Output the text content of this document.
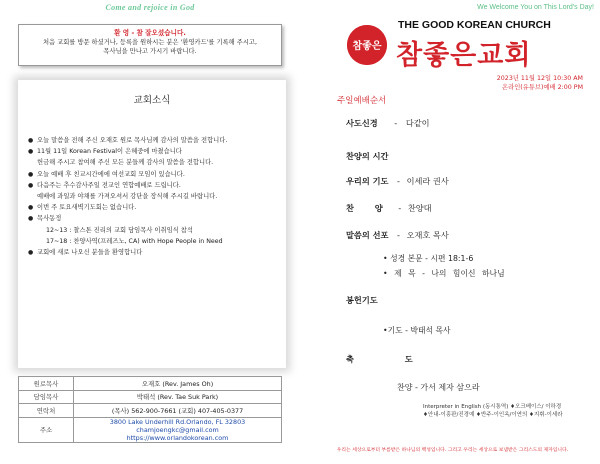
Come and rejoice in God
환 영 - 참 잘오셨습니다.
처음 교회를 방문 하셨거나, 등록을 원하시는 분은 '환영카드'를 기록해 주시고,
목사님을 만나고 가시기 바랍니다.
교회소식
● 오늘 말씀을 전해 주신 오재호 원로 목사님께 감사의 말씀을 전합니다.
● 11월 11일 Korean Festival이 은혜중에 마쳤습니다
헌금해 주시고 참여해 주신 모든 분들께 감사의 말씀을 전합니다.
● 오늘 예배 후 친교시간에에 여선교회 모임이 있습니다.
● 다음주는 추수감사주일 전교인 연합예배로 드립니다.
예배에 과일과 야채를 가져오셔서 강단을 장식해 주시길 바랍니다.
● 이번 주 토요새벽기도회는 없습니다.
● 목사동정
12~13 : 찰스톤 진리의 교회 담임목사 이취임식 참석
17~18 : 찬양사역(프레즈노, CA) with Hope People in Need
● 교회에 새로 나오신 분들을 환영합니다
원로목사	오재호 (Rev. James Oh)
담임목사	박태석 (Rev. Tae Suk Park)
연락처	(목사) 562-900-7661 (교회) 407-405-0377
주소	3800 Lake Underhill Rd.Orlando, FL 32803
chamjoengkc@gmail.com
https://www.orlandokorean.com
We Welcome You on This Lord's Day!
참좋은
THE GOOD KOREAN CHURCH
참좋은교회
2023년 11월 12일 10:30 AM
온라인(유튜브)예배 2:00 PM
주일예배순서
사도신경 - 다같이
찬양의 시간
우리의 기도 - 이세라 권사
찬 양 - 찬양대
말씀의 선포 - 오재호 목사
• 성경 본문 - 시편 18:1-6
• 제 목 - 나의 힘이신 하나님
봉헌기도
•기도 - 박태석 목사
축 도
찬양 - 가서 제자 삼으라
Interpreter in English (동시통역) ♦오크베이스/ 이하경
♦안내-이흥판/진경예 ♦반주-이인옥/이연의 ♦지휘-이세라
우리는 세상으로부터 부름받은 하나님의 백성입니다. 그리고 우리는 세상으로 보냄받은 그리스도의 제자입니다.
